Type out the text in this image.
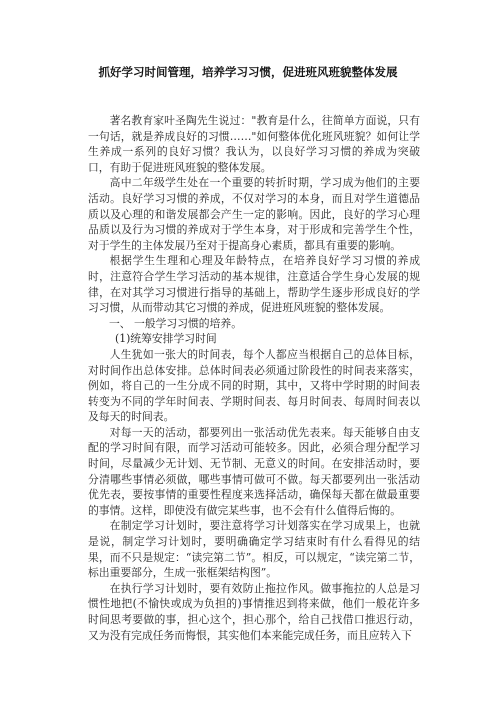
抓好学习时间管理，培养学习习惯，促进班风班貌整体发展

著名教育家叶圣陶先生说过："教育是什么，往简单方面说，只有一句话，就是养成良好的习惯……"如何整体优化班风班貌？如何让学生养成一系列的良好习惯？我认为，以良好学习习惯的养成为突破口，有助于促进班风班貌的整体发展。

高中二年级学生处在一个重要的转折时期，学习成为他们的主要活动。良好学习习惯的养成，不仅对学习的本身，而且对学生道德品质以及心理的和谐发展都会产生一定的影响。因此，良好的学习心理品质以及行为习惯的养成对于学生本身，对于形成和完善学生个性，对于学生的主体发展乃至对于提高身心素质，都具有重要的影响。

根据学生生理和心理及年龄特点，在培养良好学习习惯的养成时，注意符合学生学习活动的基本规律，注意适合学生身心发展的规律，在对其学习习惯进行指导的基础上，帮助学生逐步形成良好的学习习惯，从而带动其它习惯的养成，促进班风班貌的整体发展。

一、 一般学习习惯的培养。

(1)统筹安排学习时间

人生犹如一张大的时间表，每个人都应当根据自己的总体目标，对时间作出总体安排。总体时间表必须通过阶段性的时间表来落实，例如，将自己的一生分成不同的时期，其中，又将中学时期的时间表转变为不同的学年时间表、学期时间表、每月时间表、每周时间表以及每天的时间表。

对每一天的活动，都要列出一张活动优先表来。每天能够自由支配的学习时间有限，而学习活动可能较多。因此，必须合理分配学习时间，尽量减少无计划、无节制、无意义的时间。在安排活动时，要分清哪些事情必须做，哪些事情可做可不做。每天都要列出一张活动优先表，要按事情的重要性程度来选择活动，确保每天都在做最重要的事情。这样，即使没有做完某些事，也不会有什么值得后悔的。

在制定学习计划时，要注意将学习计划落实在学习成果上，也就是说，制定学习计划时，要明确确定学习结束时有什么看得见的结果，而不只是规定：“读完第二节”。相反，可以规定，“读完第二节，标出重要部分，生成一张框架结构图”。

在执行学习计划时，要有效防止拖拉作风。做事拖拉的人总是习惯性地把(不愉快或成为负担的)事情推迟到将来做，他们一般花许多时间思考要做的事，担心这个，担心那个，给自己找借口推迟行动，又为没有完成任务而悔恨，其实他们本来能完成任务，而且应转入下
